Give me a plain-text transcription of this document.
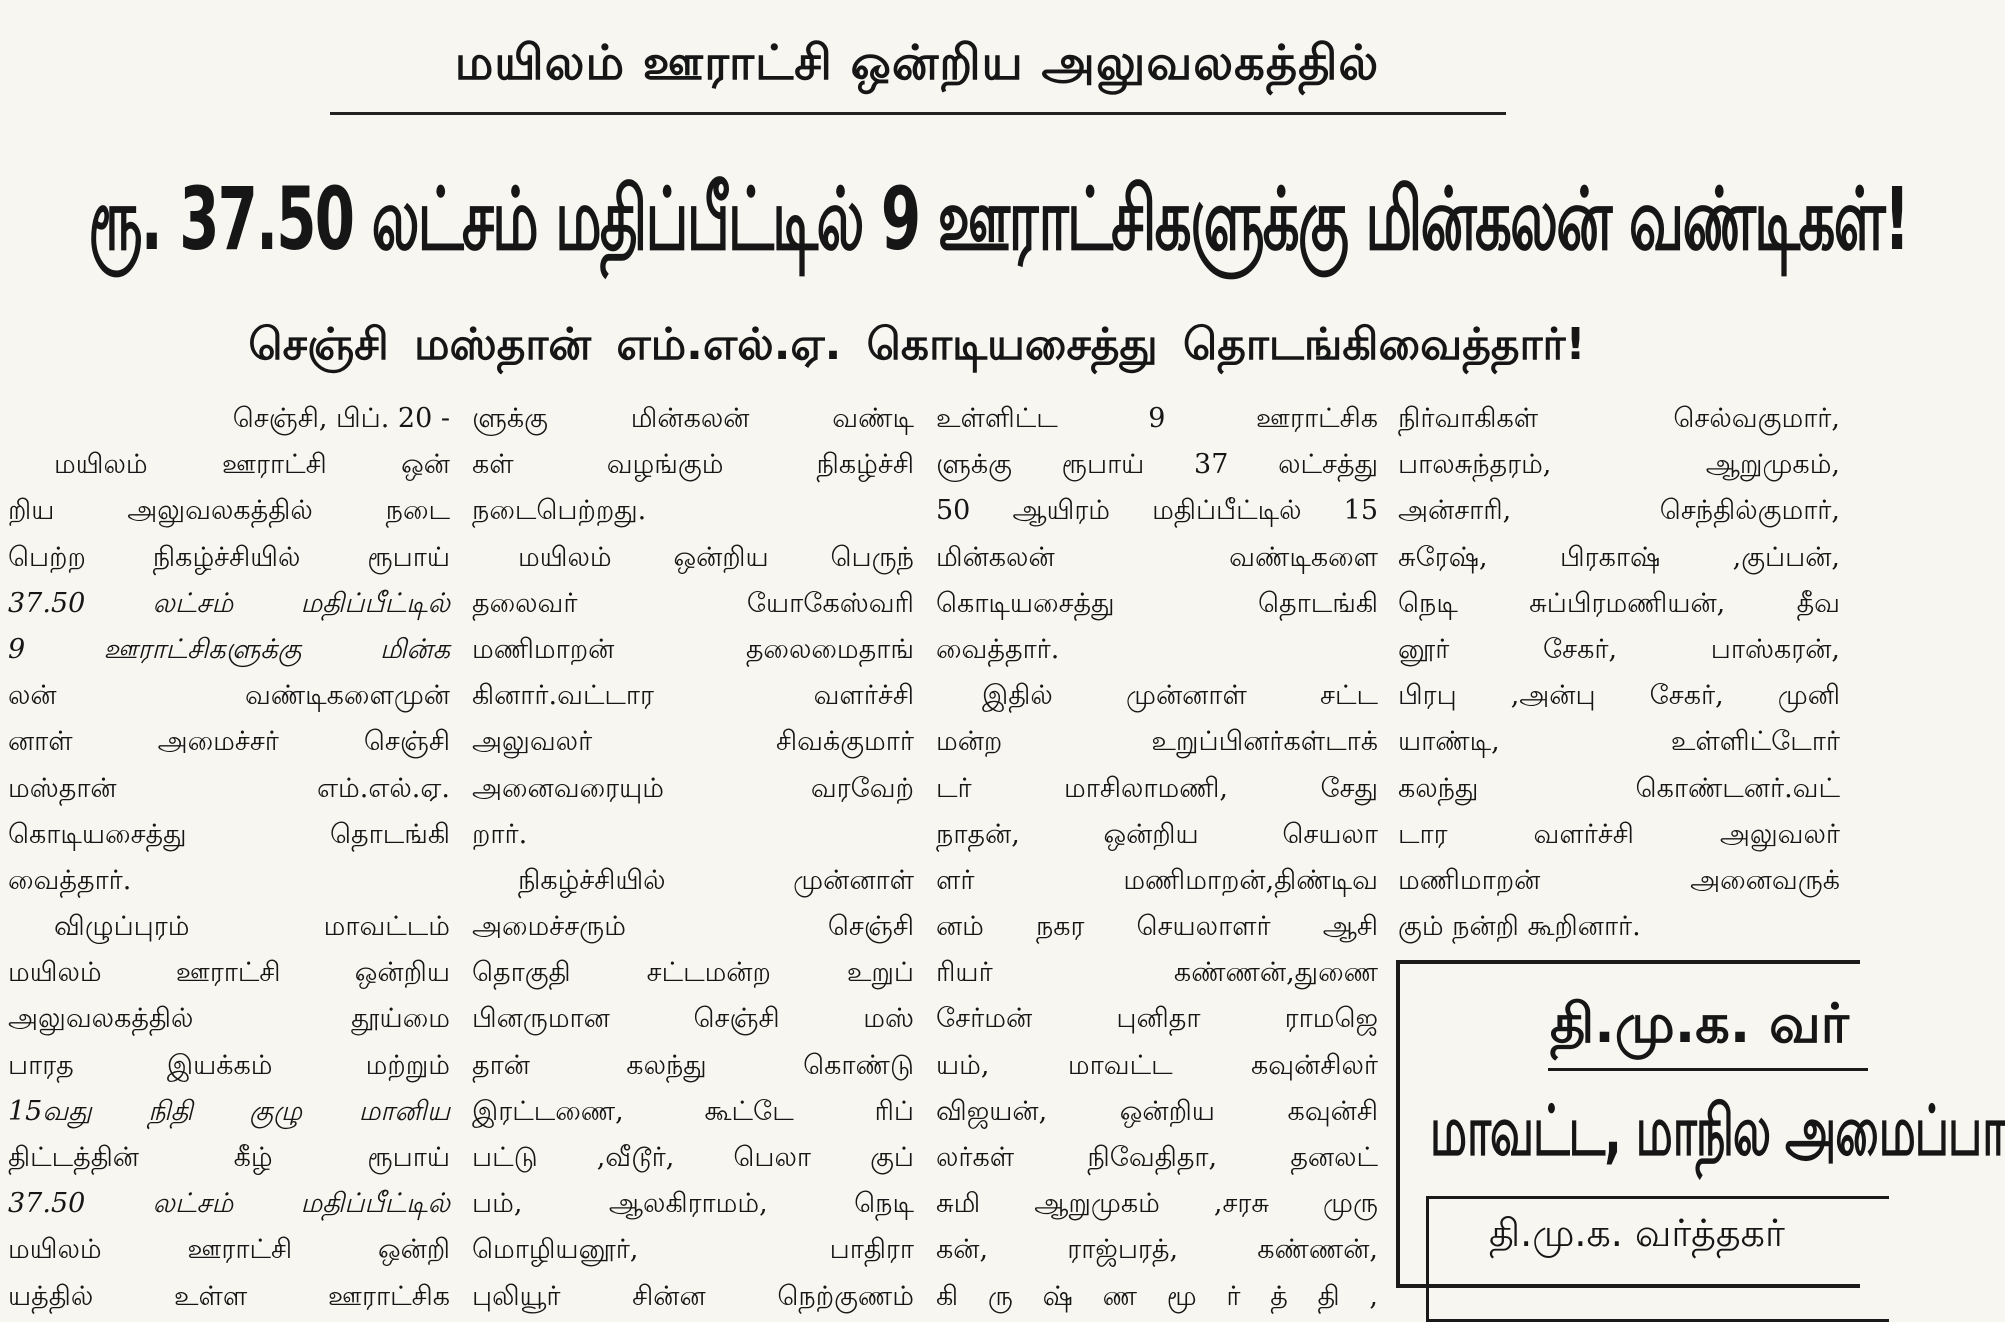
மயிலம் ஊராட்சி ஒன்றிய அலுவலகத்தில்
ரூ. 37.50 லட்சம் மதிப்பீட்டில் 9 ஊராட்சிகளுக்கு மின்கலன் வண்டிகள்!
செஞ்சி மஸ்தான் எம்.எல்.ஏ. கொடியசைத்து தொடங்கிவைத்தார்!
செஞ்சி, பிப். 20 -
மயிலம் ஊராட்சி ஒன்
றிய அலுவலகத்தில் நடை
பெற்ற நிகழ்ச்சியில் ரூபாய்
37.50 லட்சம் மதிப்பீட்டில்
9 ஊராட்சிகளுக்கு மின்க
லன் வண்டிகளைமுன்
னாள் அமைச்சர் செஞ்சி
மஸ்தான் எம்.எல்.ஏ.
கொடியசைத்து தொடங்கி
வைத்தார்.
விழுப்புரம் மாவட்டம்
மயிலம் ஊராட்சி ஒன்றிய
அலுவலகத்தில் தூய்மை
பாரத இயக்கம் மற்றும்
15வது நிதி குழு மானிய
திட்டத்தின் கீழ் ரூபாய்
37.50 லட்சம் மதிப்பீட்டில்
மயிலம் ஊராட்சி ஒன்றி
யத்தில் உள்ள ஊராட்சிக
ளுக்கு மின்கலன் வண்டி
கள் வழங்கும் நிகழ்ச்சி
நடைபெற்றது.
மயிலம் ஒன்றிய பெருந்
தலைவர் யோகேஸ்வரி
மணிமாறன் தலைமைதாங்
கினார்.வட்டார வளர்ச்சி
அலுவலர் சிவக்குமார்
அனைவரையும் வரவேற்
றார்.
நிகழ்ச்சியில் முன்னாள்
அமைச்சரும் செஞ்சி
தொகுதி சட்டமன்ற உறுப்
பினருமான செஞ்சி மஸ்
தான் கலந்து கொண்டு
இரட்டணை, கூட்டே ரிப்
பட்டு ,வீடூர், பெலா குப்
பம், ஆலகிராமம், நெடி
மொழியனூர், பாதிரா
புலியூர் சின்ன நெற்குணம்
உள்ளிட்ட 9 ஊராட்சிக
ளுக்கு ரூபாய் 37 லட்சத்து
50 ஆயிரம் மதிப்பீட்டில் 15
மின்கலன் வண்டிகளை
கொடியசைத்து தொடங்கி
வைத்தார்.
இதில் முன்னாள் சட்ட
மன்ற உறுப்பினர்கள்டாக்
டர் மாசிலாமணி, சேது
நாதன், ஒன்றிய செயலா
ளர் மணிமாறன்,திண்டிவ
னம் நகர செயலாளர் ஆசி
ரியர் கண்ணன்,துணை
சேர்மன் புனிதா ராமஜெ
யம், மாவட்ட கவுன்சிலர்
விஜயன், ஒன்றிய கவுன்சி
லர்கள் நிவேதிதா, தனலட்
சுமி ஆறுமுகம் ,சரசு முரு
கன், ராஜ்பரத், கண்ணன்,
கி ரு ஷ் ண மூ ர் த் தி ,
நிர்வாகிகள் செல்வகுமார்,
பாலசுந்தரம், ஆறுமுகம்,
அன்சாரி, செந்தில்குமார்,
சுரேஷ், பிரகாஷ் ,குப்பன்,
நெடி சுப்பிரமணியன், தீவ
னூர் சேகர், பாஸ்கரன்,
பிரபு ,அன்பு சேகர், முனி
யாண்டி, உள்ளிட்டோர்
கலந்து கொண்டனர்.வட்
டார வளர்ச்சி அலுவலர்
மணிமாறன் அனைவருக்
கும் நன்றி கூறினார்.
தி.மு.க. வர்
மாவட்ட, மாநில அமைப்பா
தி.மு.க. வர்த்தகர்
